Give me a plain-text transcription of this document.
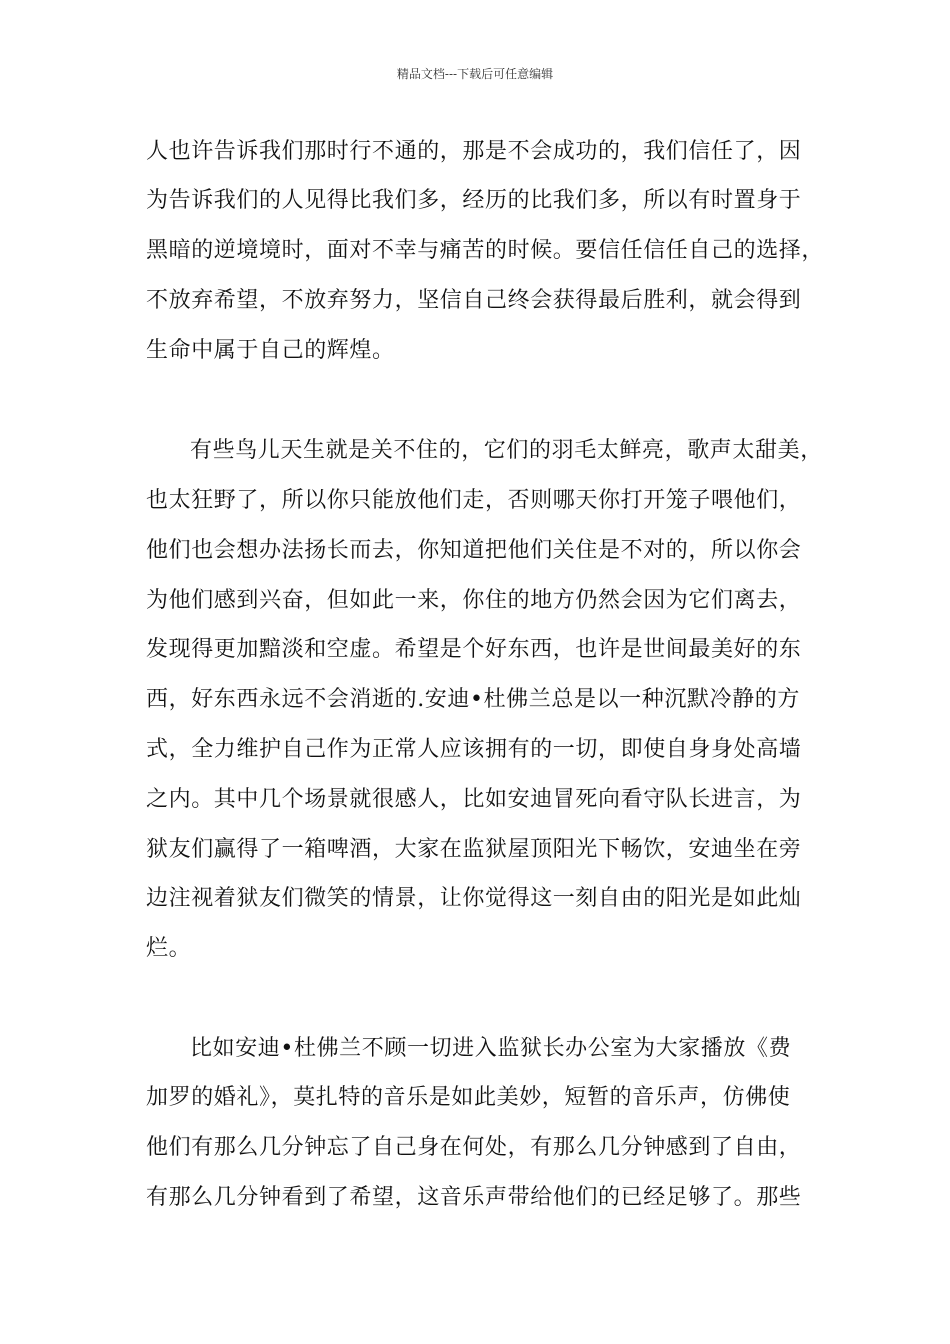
精品文档---下载后可任意编辑
人也许告诉我们那时行不通的，那是不会成功的，我们信任了，因
为告诉我们的人见得比我们多，经历的比我们多，所以有时置身于
黑暗的逆境境时，面对不幸与痛苦的时候。要信任信任自己的选择，
不放弃希望，不放弃努力，坚信自己终会获得最后胜利，就会得到
生命中属于自己的辉煌。
有些鸟儿天生就是关不住的，它们的羽毛太鲜亮，歌声太甜美，
也太狂野了，所以你只能放他们走，否则哪天你打开笼子喂他们，
他们也会想办法扬长而去，你知道把他们关住是不对的，所以你会
为他们感到兴奋，但如此一来，你住的地方仍然会因为它们离去，
发现得更加黯淡和空虚。希望是个好东西，也许是世间最美好的东
西，好东西永远不会消逝的.安迪•杜佛兰总是以一种沉默冷静的方
式，全力维护自己作为正常人应该拥有的一切，即使自身身处高墙
之内。其中几个场景就很感人，比如安迪冒死向看守队长进言，为
狱友们赢得了一箱啤酒，大家在监狱屋顶阳光下畅饮，安迪坐在旁
边注视着狱友们微笑的情景，让你觉得这一刻自由的阳光是如此灿
烂。
比如安迪•杜佛兰不顾一切进入监狱长办公室为大家播放《费
加罗的婚礼》，莫扎特的音乐是如此美妙，短暂的音乐声，仿佛使
他们有那么几分钟忘了自己身在何处，有那么几分钟感到了自由，
有那么几分钟看到了希望，这音乐声带给他们的已经足够了。那些
